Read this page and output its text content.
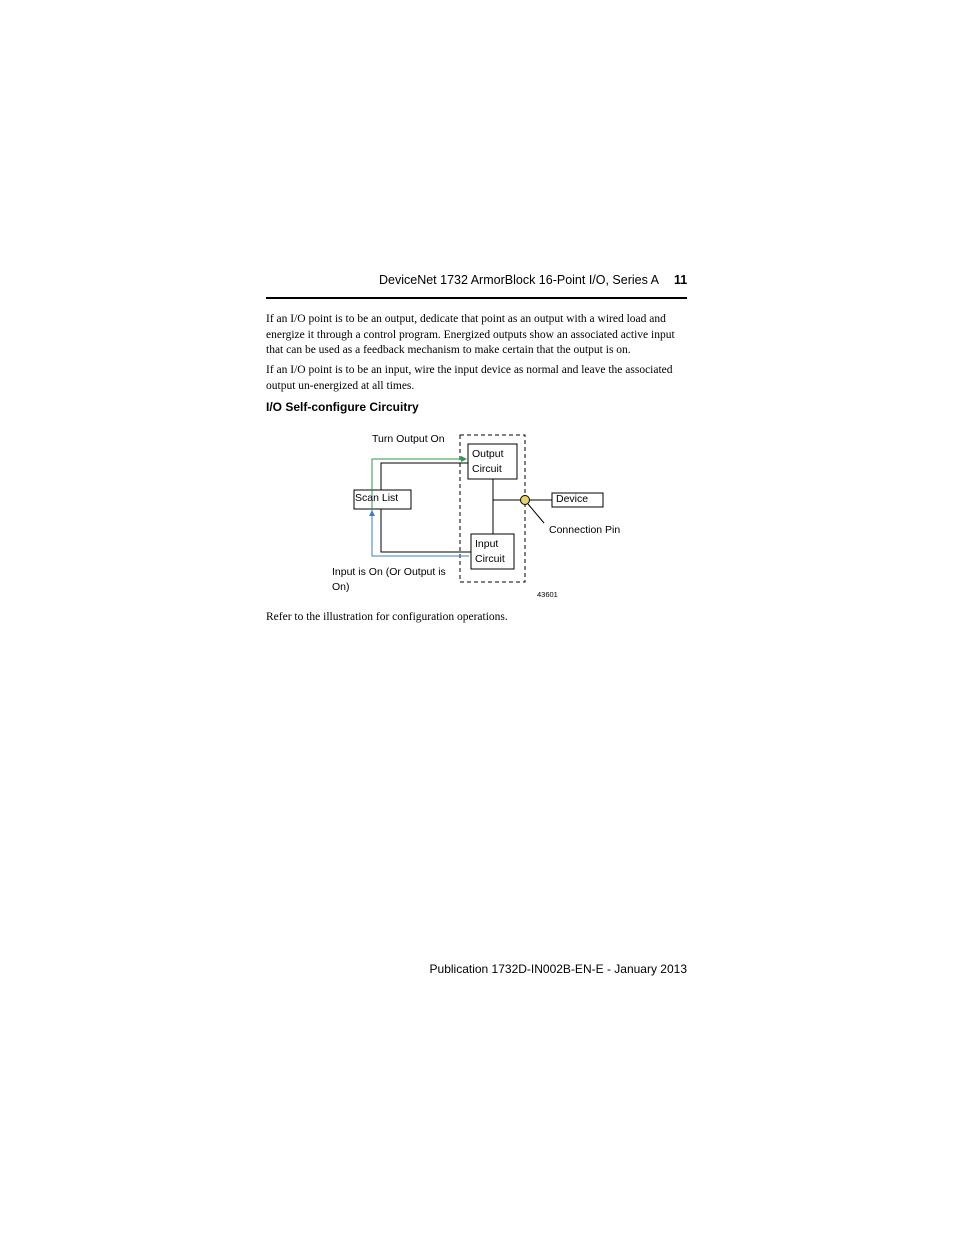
DeviceNet 1732 ArmorBlock 16-Point I/O, Series A 11

If an I/O point is to be an output, dedicate that point as an output with a wired load and energize it through a control program. Energized outputs show an associated active input that can be used as a feedback mechanism to make certain that the output is on.

If an I/O point is to be an input, wire the input device as normal and leave the associated output un-energized at all times.

I/O Self-configure Circuitry
Turn Output On
Output
Circuit
Scan List	Device
Connection Pin
Input
Circuit
Input is On (Or Output is
On)
43601

Refer to the illustration for configuration operations.

Publication 1732D-IN002B-EN-E - January 2013
